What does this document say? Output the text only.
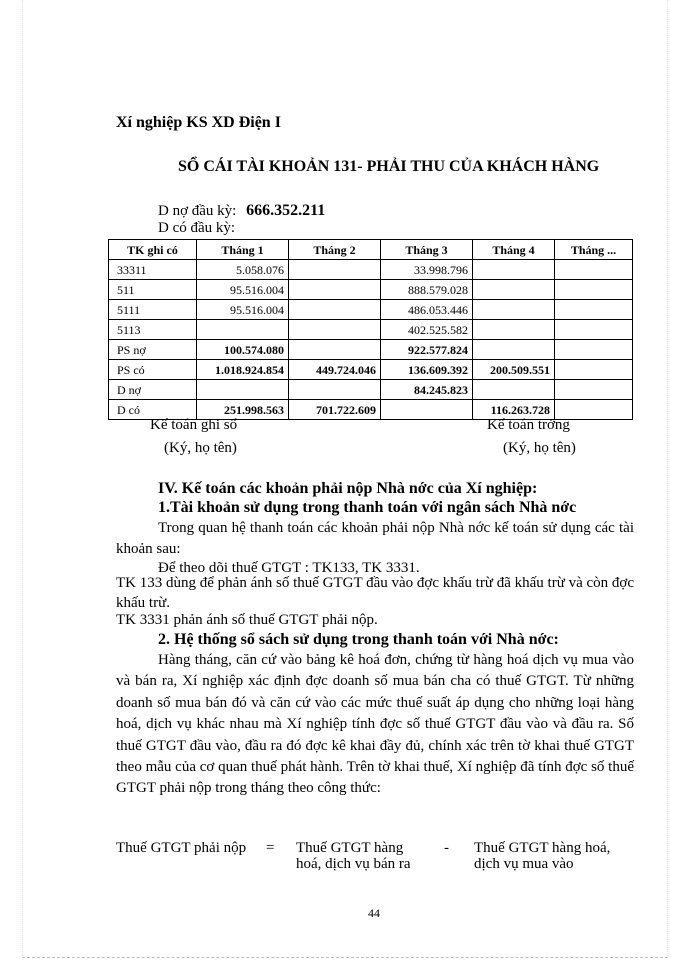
Xí nghiệp KS XD Điện I
SỔ CÁI TÀI KHOẢN 131- PHẢI THU CỦA KHÁCH HÀNG
D nợ đầu kỳ: 666.352.211
D có đầu kỳ:
TK ghi có	Tháng 1	Tháng 2	Tháng 3	Tháng 4	Tháng ...
33311	5.058.076		33.998.796		
511	95.516.004		888.579.028		
5111	95.516.004		486.053.446		
5113			402.525.582		
PS nợ	100.574.080		922.577.824		
PS có	1.018.924.854	449.724.046	136.609.392	200.509.551	
D nợ			84.245.823		
D có	251.998.563	701.722.609		116.263.728	
Kế toán ghi sổ
(Ký, họ tên)
Kế toán trởng
(Ký, họ tên)
IV. Kế toán các khoản phải nộp Nhà nớc của Xí nghiệp:
1.Tài khoản sử dụng trong thanh toán với ngân sách Nhà nớc
Trong quan hệ thanh toán các khoản phải nộp Nhà nớc kế toán sử dụng các tài khoản sau:
Để theo dõi thuế GTGT : TK133, TK 3331.
TK 133 dùng để phản ánh số thuế GTGT đầu vào đợc khấu trừ đã khấu trừ và còn đợc khấu trừ.
TK 3331 phản ánh số thuế GTGT phải nộp.
2. Hệ thống sổ sách sử dụng trong thanh toán với Nhà nớc:
Hàng tháng, căn cứ vào bảng kê hoá đơn, chứng từ hàng hoá dịch vụ mua vào và bán ra, Xí nghiệp xác định đợc doanh số mua bán cha có thuế GTGT. Từ những doanh số mua bán đó và căn cứ vào các mức thuế suất áp dụng cho những loại hàng hoá, dịch vụ khác nhau mà Xí nghiệp tính đợc số thuế GTGT đầu vào và đầu ra. Số thuế GTGT đầu vào, đầu ra đó đợc kê khai đầy đủ, chính xác trên tờ khai thuế GTGT theo mẫu của cơ quan thuế phát hành. Trên tờ khai thuế, Xí nghiệp đã tính đợc số thuế GTGT phải nộp trong tháng theo công thức:
Thuế GTGT phải nộp = Thuế GTGT hàng
hoá, dịch vụ bán ra
- Thuế GTGT hàng hoá,
dịch vụ mua vào
44
